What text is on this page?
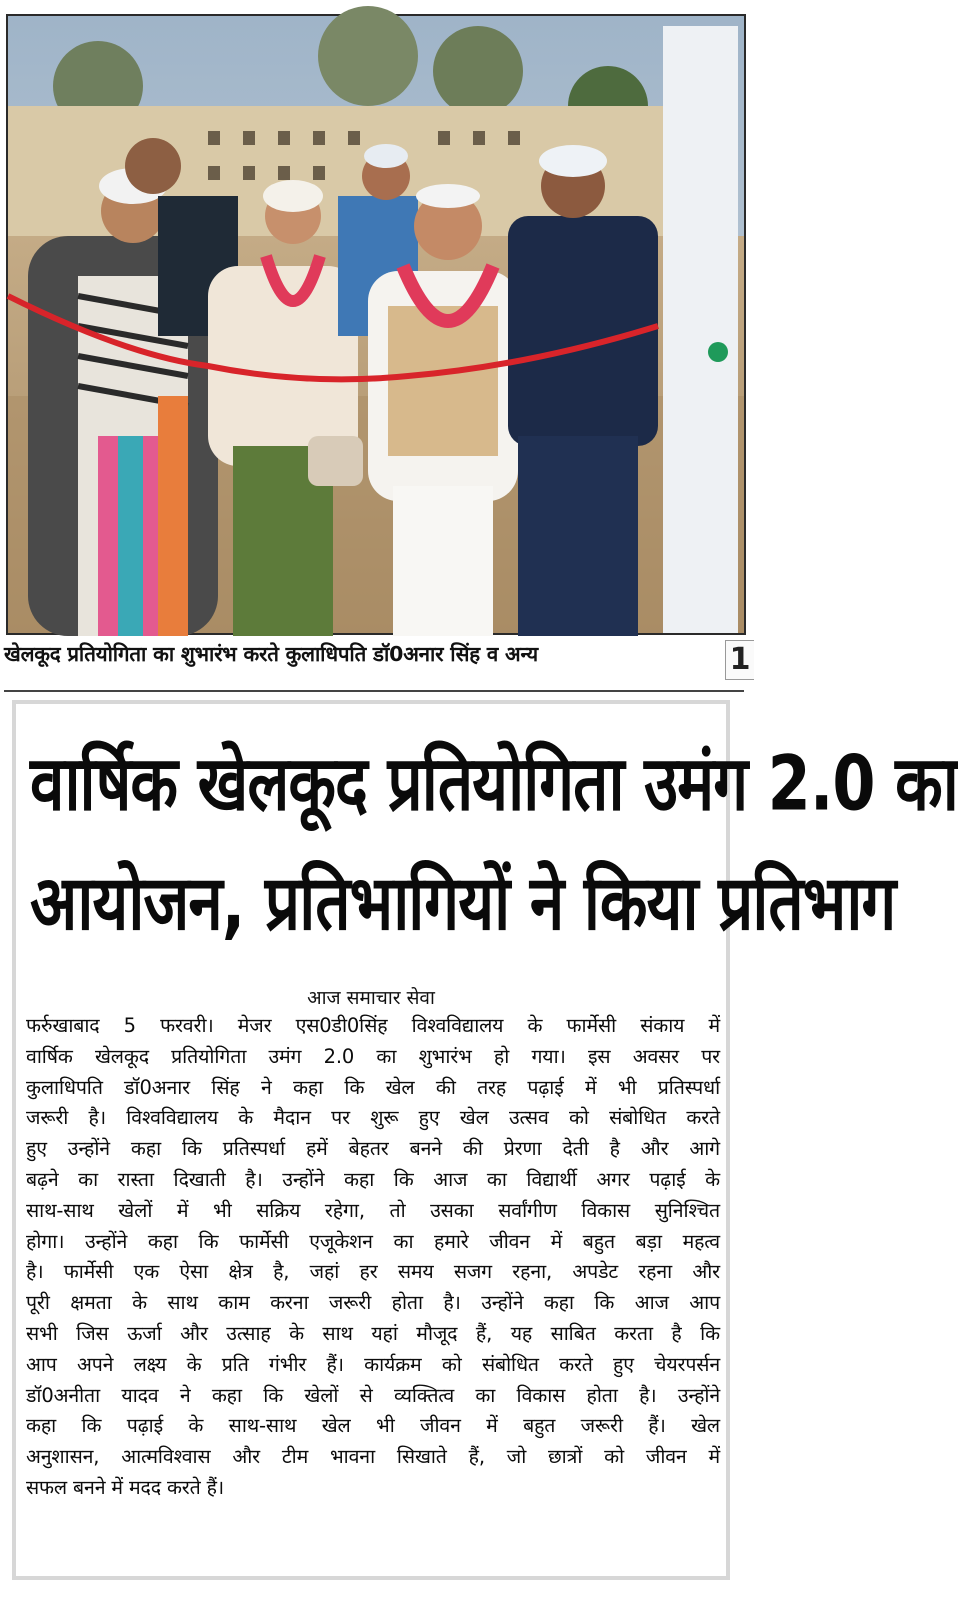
खेलकूद प्रतियोगिता का शुभारंभ करते कुलाधिपति डॉ0अनार सिंह व अन्य	1
वार्षिक खेलकूद प्रतियोगिता उमंग 2.0 का
आयोजन, प्रतिभागियों ने किया प्रतिभाग
आज समाचार सेवा
फर्रुखाबाद 5 फरवरी। मेजर एस0डी0सिंह विश्वविद्यालय के फार्मेसी संकाय में
वार्षिक खेलकूद प्रतियोगिता उमंग 2.0 का शुभारंभ हो गया। इस अवसर पर
कुलाधिपति डॉ0अनार सिंह ने कहा कि खेल की तरह पढ़ाई में भी प्रतिस्पर्धा
जरूरी है। विश्वविद्यालय के मैदान पर शुरू हुए खेल उत्सव को संबोधित करते
हुए उन्होंने कहा कि प्रतिस्पर्धा हमें बेहतर बनने की प्रेरणा देती है और आगे
बढ़ने का रास्ता दिखाती है। उन्होंने कहा कि आज का विद्यार्थी अगर पढ़ाई के
साथ-साथ खेलों में भी सक्रिय रहेगा, तो उसका सर्वांगीण विकास सुनिश्चित
होगा। उन्होंने कहा कि फार्मेसी एजूकेशन का हमारे जीवन में बहुत बड़ा महत्व
है। फार्मेसी एक ऐसा क्षेत्र है, जहां हर समय सजग रहना, अपडेट रहना और
पूरी क्षमता के साथ काम करना जरूरी होता है। उन्होंने कहा कि आज आप
सभी जिस ऊर्जा और उत्साह के साथ यहां मौजूद हैं, यह साबित करता है कि
आप अपने लक्ष्य के प्रति गंभीर हैं। कार्यक्रम को संबोधित करते हुए चेयरपर्सन
डॉ0अनीता यादव ने कहा कि खेलों से व्यक्तित्व का विकास होता है। उन्होंने
कहा कि पढ़ाई के साथ-साथ खेल भी जीवन में बहुत जरूरी हैं। खेल
अनुशासन, आत्मविश्वास और टीम भावना सिखाते हैं, जो छात्रों को जीवन में
सफल बनने में मदद करते हैं।
